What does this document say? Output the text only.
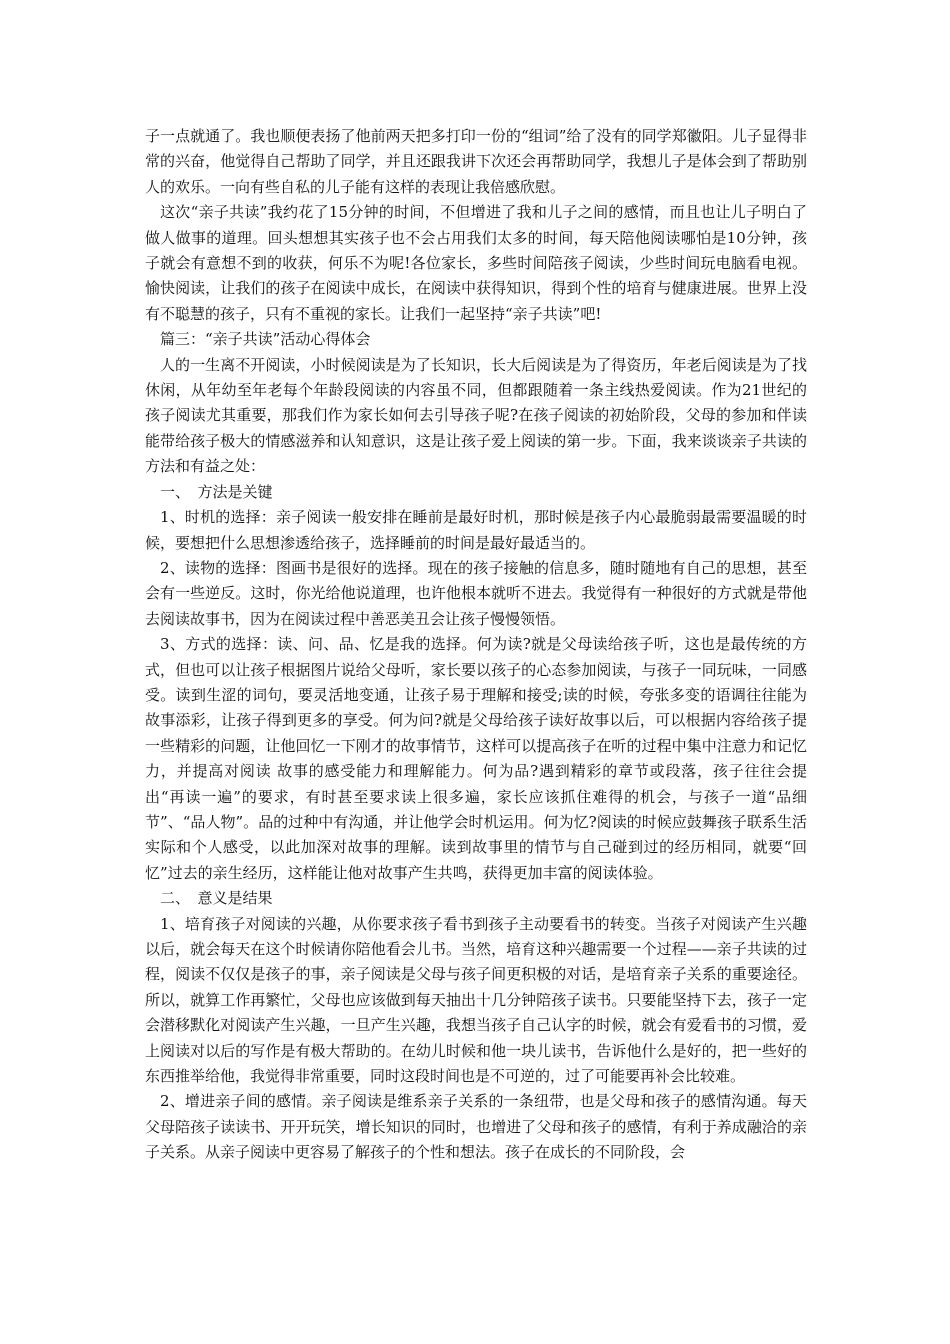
子一点就通了。我也顺便表扬了他前两天把多打印一份的“组词”给了没有的同学郑徽阳。儿子显得非常的兴奋，他觉得自己帮助了同学，并且还跟我讲下次还会再帮助同学，我想儿子是体会到了帮助别人的欢乐。一向有些自私的儿子能有这样的表现让我倍感欣慰。

这次“亲子共读”我约花了15分钟的时间，不但增进了我和儿子之间的感情，而且也让儿子明白了做人做事的道理。回头想想其实孩子也不会占用我们太多的时间，每天陪他阅读哪怕是10分钟，孩子就会有意想不到的收获，何乐不为呢!各位家长，多些时间陪孩子阅读，少些时间玩电脑看电视。愉快阅读，让我们的孩子在阅读中成长，在阅读中获得知识，得到个性的培育与健康进展。世界上没有不聪慧的孩子，只有不重视的家长。让我们一起坚持“亲子共读”吧!

篇三：“亲子共读”活动心得体会

人的一生离不开阅读，小时候阅读是为了长知识，长大后阅读是为了得资历，年老后阅读是为了找休闲，从年幼至年老每个年龄段阅读的内容虽不同，但都跟随着一条主线热爱阅读。作为21世纪的孩子阅读尤其重要，那我们作为家长如何去引导孩子呢?在孩子阅读的初始阶段，父母的参加和伴读能带给孩子极大的情感滋养和认知意识，这是让孩子爱上阅读的第一步。下面，我来谈谈亲子共读的方法和有益之处：

一、　方法是关键

1、时机的选择：亲子阅读一般安排在睡前是最好时机，那时候是孩子内心最脆弱最需要温暖的时候，要想把什么思想渗透给孩子，选择睡前的时间是最好最适当的。

2、读物的选择：图画书是很好的选择。现在的孩子接触的信息多，随时随地有自己的思想，甚至会有一些逆反。这时，你光给他说道理，也许他根本就听不进去。我觉得有一种很好的方式就是带他去阅读故事书，因为在阅读过程中善恶美丑会让孩子慢慢领悟。

3、方式的选择：读、问、品、忆是我的选择。何为读?就是父母读给孩子听，这也是最传统的方式，但也可以让孩子根据图片说给父母听，家长要以孩子的心态参加阅读，与孩子一同玩味，一同感受。读到生涩的词句，要灵活地变通，让孩子易于理解和接受;读的时候，夸张多变的语调往往能为故事添彩，让孩子得到更多的享受。何为问?就是父母给孩子读好故事以后，可以根据内容给孩子提一些精彩的问题，让他回忆一下刚才的故事情节，这样可以提高孩子在听的过程中集中注意力和记忆力，并提高对阅读 故事的感受能力和理解能力。何为品?遇到精彩的章节或段落，孩子往往会提出“再读一遍”的要求，有时甚至要求读上很多遍，家长应该抓住难得的机会，与孩子一道“品细节”、“品人物”。品的过种中有沟通，并让他学会时机运用。何为忆?阅读的时候应鼓舞孩子联系生活实际和个人感受，以此加深对故事的理解。读到故事里的情节与自己碰到过的经历相同，就要“回忆”过去的亲生经历，这样能让他对故事产生共鸣，获得更加丰富的阅读体验。

二、　意义是结果

1、培育孩子对阅读的兴趣，从你要求孩子看书到孩子主动要看书的转变。当孩子对阅读产生兴趣以后，就会每天在这个时候请你陪他看会儿书。当然，培育这种兴趣需要一个过程——亲子共读的过程，阅读不仅仅是孩子的事，亲子阅读是父母与孩子间更积极的对话，是培育亲子关系的重要途径。所以，就算工作再繁忙，父母也应该做到每天抽出十几分钟陪孩子读书。只要能坚持下去，孩子一定会潜移默化对阅读产生兴趣，一旦产生兴趣，我想当孩子自己认字的时候，就会有爱看书的习惯，爱上阅读对以后的写作是有极大帮助的。在幼儿时候和他一块儿读书，告诉他什么是好的，把一些好的东西推举给他，我觉得非常重要，同时这段时间也是不可逆的，过了可能要再补会比较难。

2、增进亲子间的感情。亲子阅读是维系亲子关系的一条纽带，也是父母和孩子的感情沟通。每天父母陪孩子读读书、开开玩笑，增长知识的同时，也增进了父母和孩子的感情，有利于养成融洽的亲子关系。从亲子阅读中更容易了解孩子的个性和想法。孩子在成长的不同阶段，会
